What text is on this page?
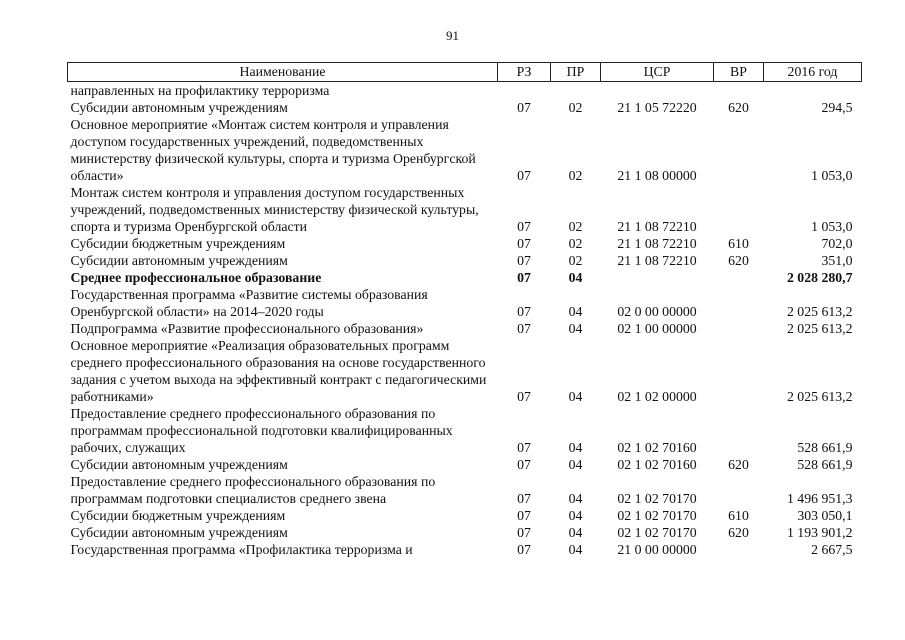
91
Наименование	РЗ	ПР	ЦСР	ВР	2016 год
направленных на профилактику терроризма					
Субсидии автономным учреждениям	07	02	21 1 05 72220	620	294,5
Основное мероприятие «Монтаж систем контроля и управления доступом государственных учреждений, подведомственных министерству физической культуры, спорта и туризма Оренбургской области»	07	02	21 1 08 00000		1 053,0
Монтаж систем контроля и управления доступом государственных учреждений, подведомственных министерству физической культуры, спорта и туризма Оренбургской области	07	02	21 1 08 72210		1 053,0
Субсидии бюджетным учреждениям	07	02	21 1 08 72210	610	702,0
Субсидии автономным учреждениям	07	02	21 1 08 72210	620	351,0
Среднее профессиональное образование	07	04			2 028 280,7
Государственная программа «Развитие системы образования Оренбургской области» на 2014–2020 годы	07	04	02 0 00 00000		2 025 613,2
Подпрограмма «Развитие профессионального образования»	07	04	02 1 00 00000		2 025 613,2
Основное мероприятие «Реализация образовательных программ среднего профессионального образования на основе государственного задания с учетом выхода на эффективный контракт с педагогическими работниками»	07	04	02 1 02 00000		2 025 613,2
Предоставление среднего профессионального образования по программам профессиональной подготовки квалифицированных рабочих, служащих	07	04	02 1 02 70160		528 661,9
Субсидии автономным учреждениям	07	04	02 1 02 70160	620	528 661,9
Предоставление среднего профессионального образования по программам подготовки специалистов среднего звена	07	04	02 1 02 70170		1 496 951,3
Субсидии бюджетным учреждениям	07	04	02 1 02 70170	610	303 050,1
Субсидии автономным учреждениям	07	04	02 1 02 70170	620	1 193 901,2
Государственная программа «Профилактика терроризма и	07	04	21 0 00 00000		2 667,5
